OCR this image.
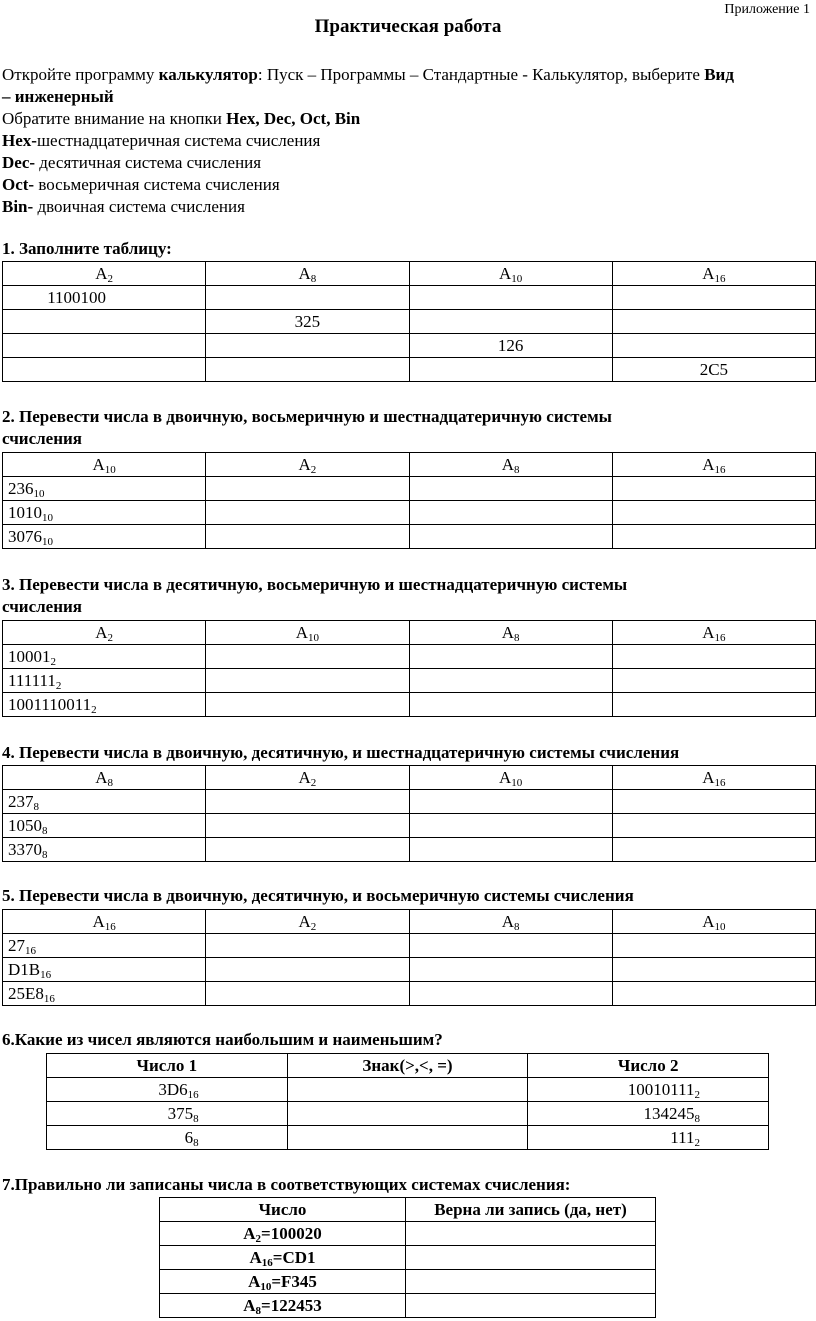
Приложение 1
Практическая работа

Откройте программу калькулятор: Пуск – Программы – Стандартные - Калькулятор, выберите Вид

– инженерный

Обратите внимание на кнопки Hex, Dec, Oct, Bin

Hex-шестнадцатеричная система счисления

Dec- десятичная система счисления

Oct- восьмеричная система счисления

Bin- двоичная система счисления

1. Заполните таблицу:
$A_2$	$A_8$	$A_{10}$	$A_{16}$
1100100			
	325		
		126	
			2C5
2. Перевести числа в двоичную, восьмеричную и шестнадцатеричную системы
счисления
$A_{10}$	$A_2$	$A_8$	$A_{16}$
$236_{10}$			
$1010_{10}$			
$3076_{10}$			
3. Перевести числа в десятичную, восьмеричную и шестнадцатеричную системы
счисления
$A_2$	$A_{10}$	$A_8$	$A_{16}$
$10001_2$			
$111111_2$			
$1001110011_2$			
4. Перевести числа в двоичную, десятичную, и шестнадцатеричную системы счисления
$A_8$	$A_2$	$A_{10}$	$A_{16}$
$237_8$			
$1050_8$			
$3370_8$			
5. Перевести числа в двоичную, десятичную, и восьмеричную системы счисления
$A_{16}$	$A_2$	$A_8$	$A_{10}$
$27_{16}$			
$D1B_{16}$			
$25E8_{16}$			
6.Какие из чисел являются наибольшим и наименьшим?
Число 1	Знак(>,<, =)	Число 2
$3D6_{16}$		$10010111_2$
$375_8$		$134245_8$
$6_8$		$111_2$
7.Правильно ли записаны числа в соответствующих системах счисления:
Число	Верна ли запись (да, нет)
$A_2=100020$	
$A_{16}=CD1$	
$A_{10}=F345$	
$A_8=122453$	
